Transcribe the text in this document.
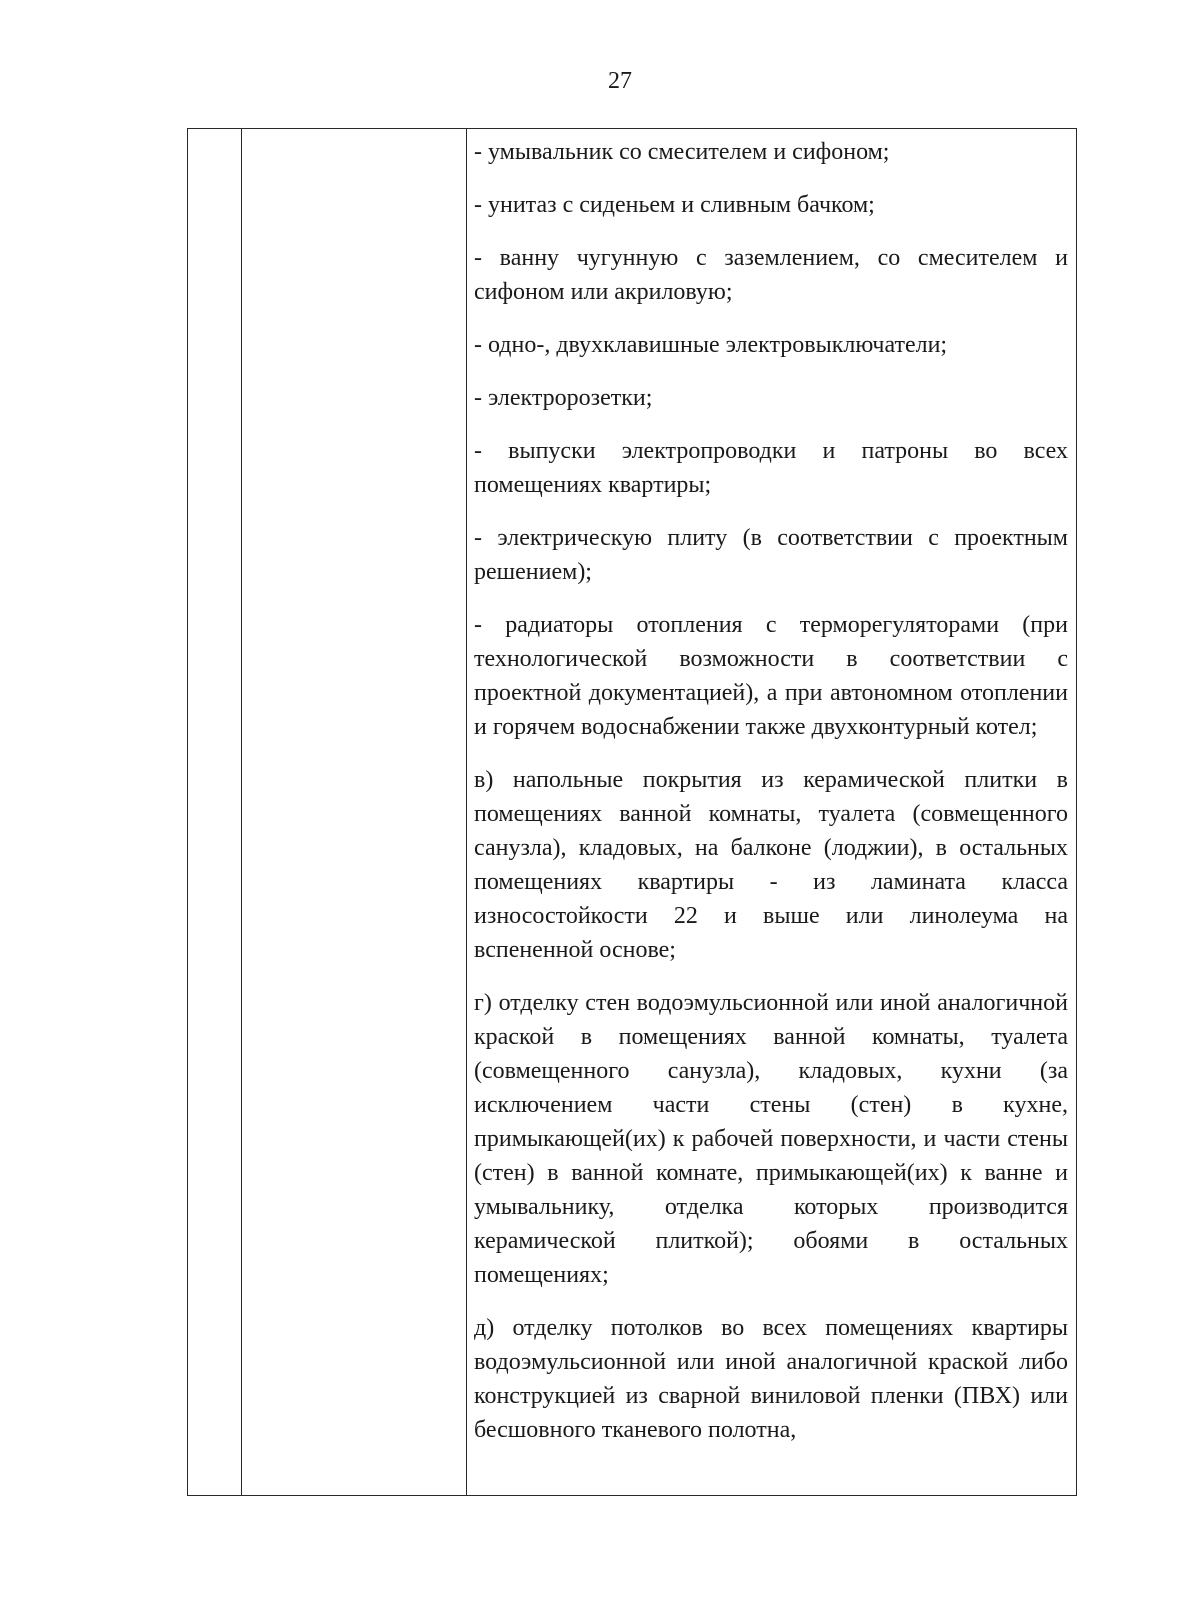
27

- умывальник со смесителем и сифоном;

- унитаз с сиденьем и сливным бачком;

- ванну чугунную с заземлением, со смесителем и сифоном или акриловую;

- одно-, двухклавишные электровыключатели;

- электророзетки;

- выпуски электропроводки и патроны во всех помещениях квартиры;

- электрическую плиту (в соответствии с проектным решением);

- радиаторы отопления с терморегуляторами (при технологической возможности в соответствии с проектной документацией), а при автономном отоплении и горячем водоснабжении также двухконтурный котел;

в) напольные покрытия из керамической плитки в помещениях ванной комнаты, туалета (совмещенного санузла), кладовых, на балконе (лоджии), в остальных помещениях квартиры - из ламината класса износостойкости 22 и выше или линолеума на вспененной основе;

г) отделку стен водоэмульсионной или иной аналогичной краской в помещениях ванной комнаты, туалета (совмещенного санузла), кладовых, кухни (за исключением части стены (стен) в кухне, примыкающей(их) к рабочей поверхности, и части стены (стен) в ванной комнате, примыкающей(их) к ванне и умывальнику, отделка которых производится керамической плиткой); обоями в остальных помещениях;

д) отделку потолков во всех помещениях квартиры водоэмульсионной или иной аналогичной краской либо конструкцией из сварной виниловой пленки (ПВХ) или бесшовного тканевого полотна,
